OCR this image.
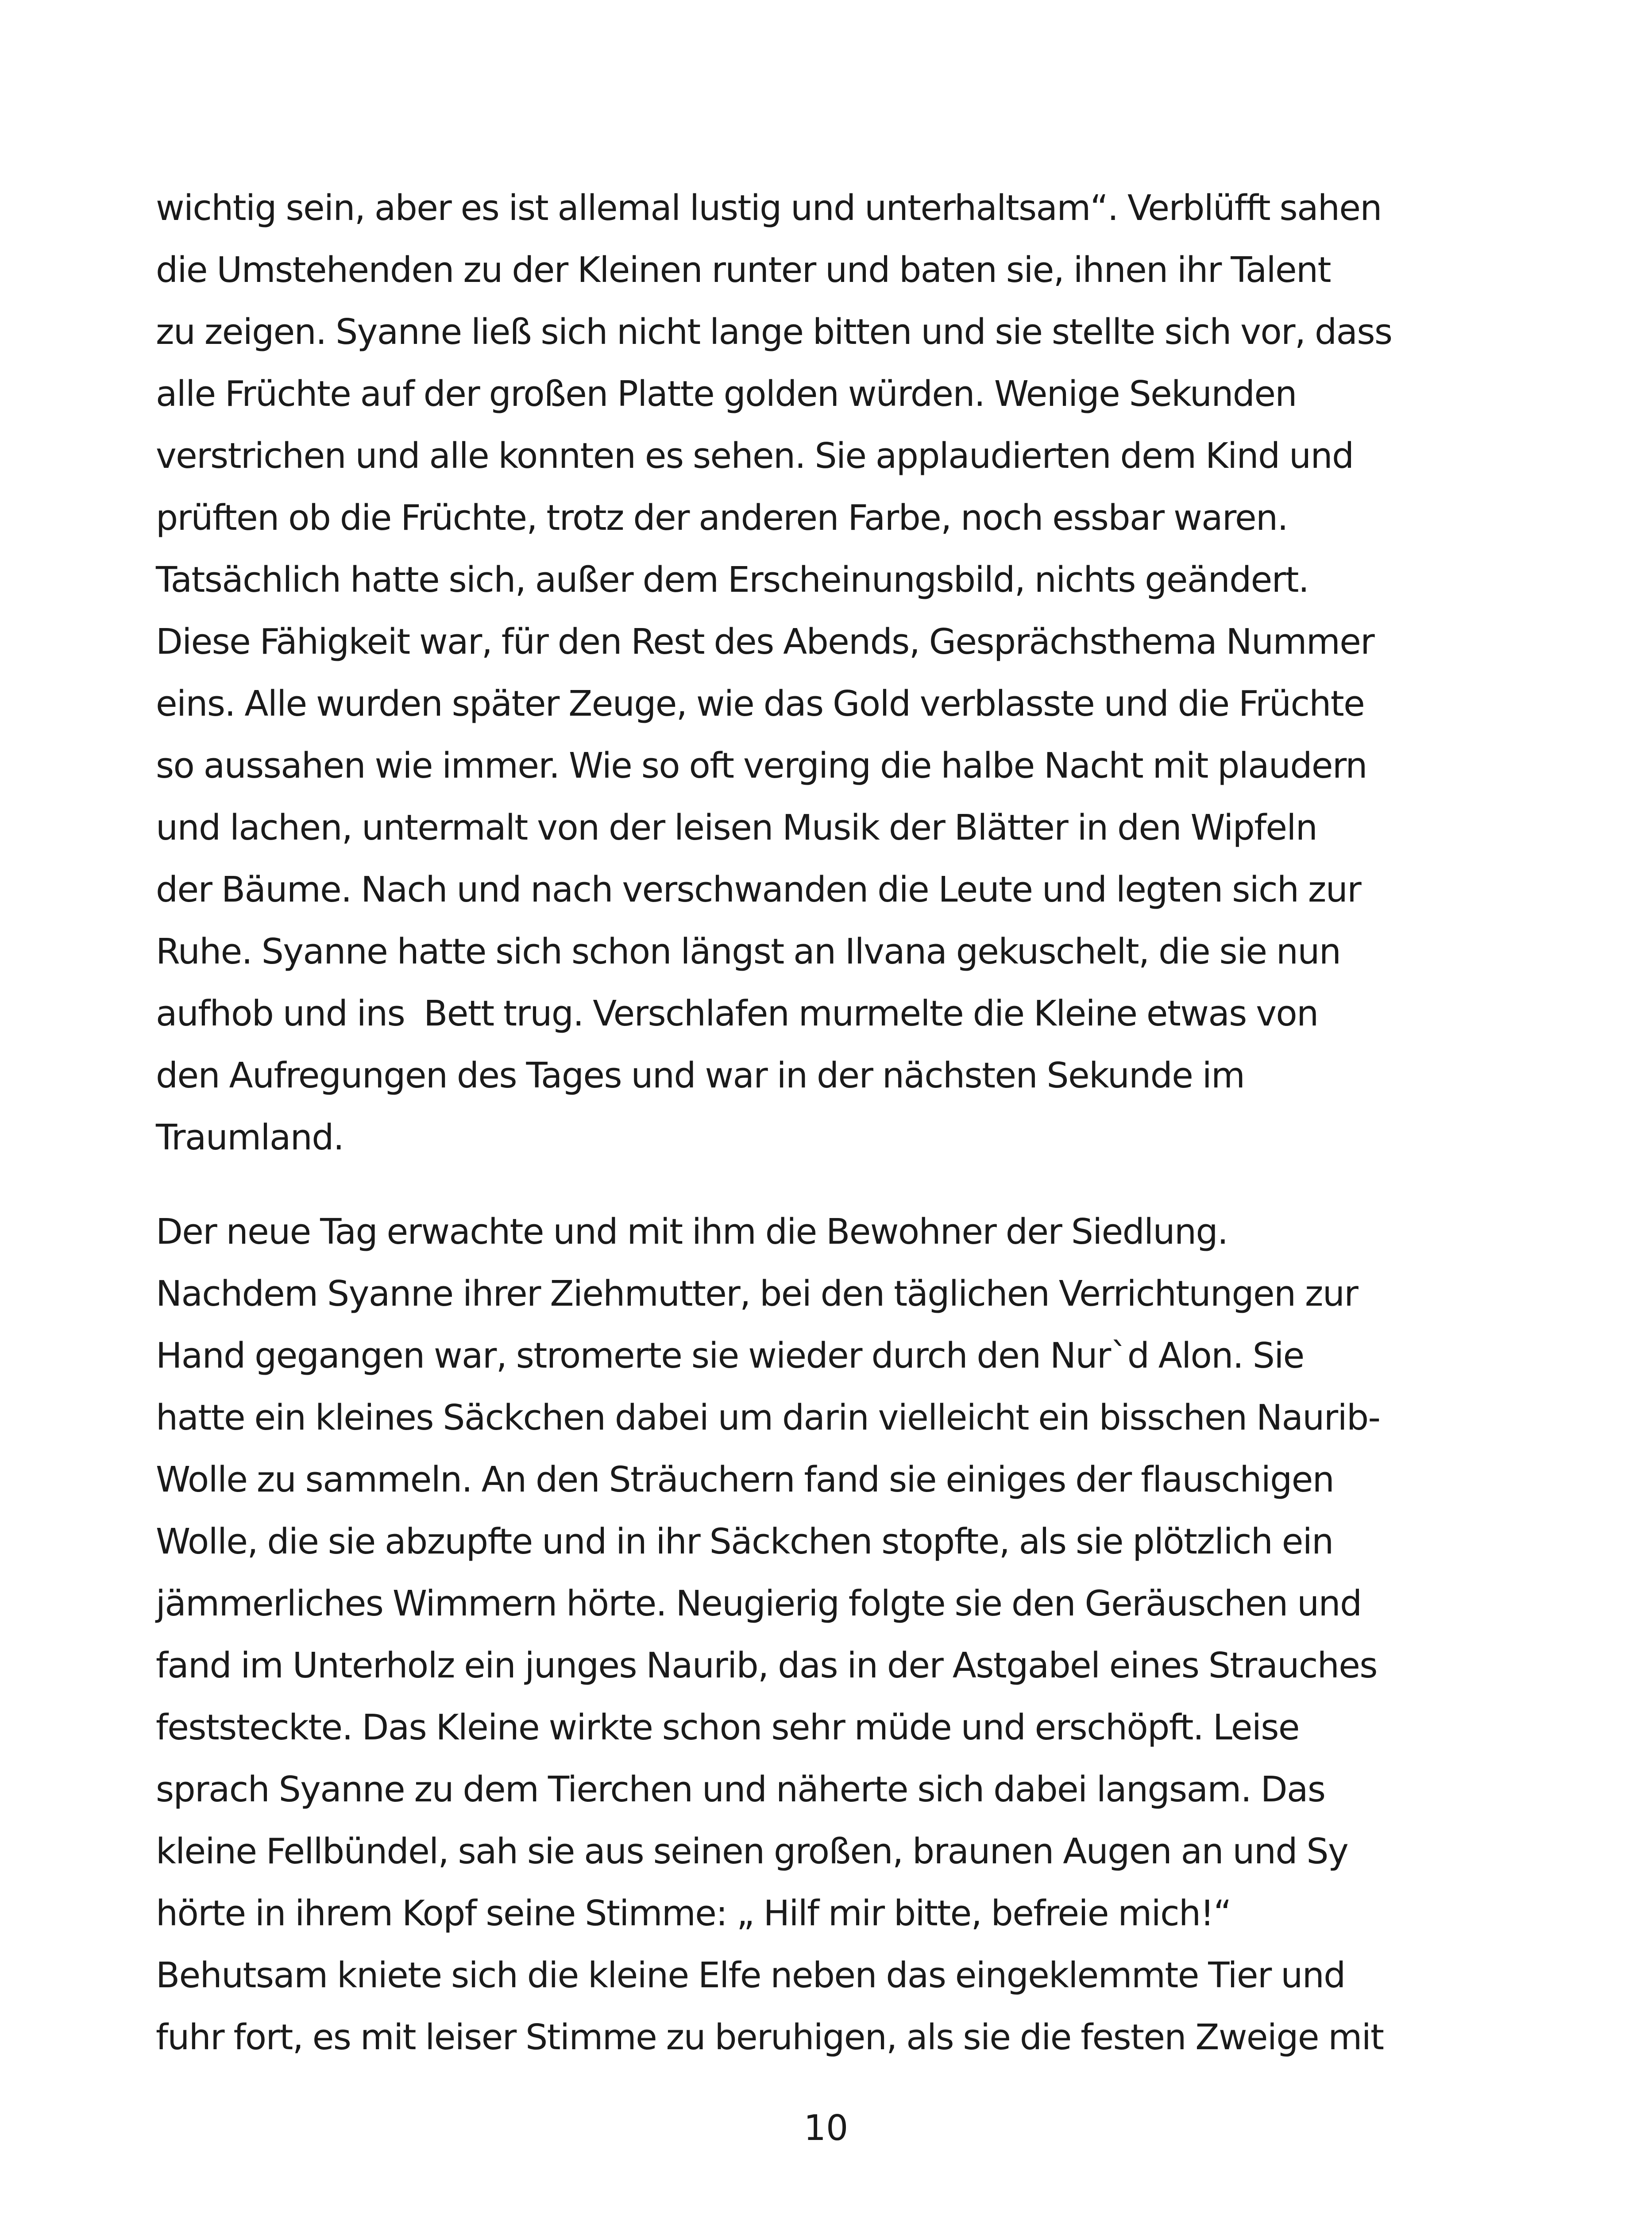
wichtig sein, aber es ist allemal lustig und unterhaltsam“. Verblüfft sahen
die Umstehenden zu der Kleinen runter und baten sie, ihnen ihr Talent
zu zeigen. Syanne ließ sich nicht lange bitten und sie stellte sich vor, dass
alle Früchte auf der großen Platte golden würden. Wenige Sekunden
verstrichen und alle konnten es sehen. Sie applaudierten dem Kind und
prüften ob die Früchte, trotz der anderen Farbe, noch essbar waren.
Tatsächlich hatte sich, außer dem Erscheinungsbild, nichts geändert.
Diese Fähigkeit war, für den Rest des Abends, Gesprächsthema Nummer
eins. Alle wurden später Zeuge, wie das Gold verblasste und die Früchte
so aussahen wie immer. Wie so oft verging die halbe Nacht mit plaudern
und lachen, untermalt von der leisen Musik der Blätter in den Wipfeln
der Bäume. Nach und nach verschwanden die Leute und legten sich zur
Ruhe. Syanne hatte sich schon längst an Ilvana gekuschelt, die sie nun
aufhob und ins  Bett trug. Verschlafen murmelte die Kleine etwas von
den Aufregungen des Tages und war in der nächsten Sekunde im
Traumland.

Der neue Tag erwachte und mit ihm die Bewohner der Siedlung.
Nachdem Syanne ihrer Ziehmutter, bei den täglichen Verrichtungen zur
Hand gegangen war, stromerte sie wieder durch den Nur`d Alon. Sie
hatte ein kleines Säckchen dabei um darin vielleicht ein bisschen Naurib-
Wolle zu sammeln. An den Sträuchern fand sie einiges der flauschigen
Wolle, die sie abzupfte und in ihr Säckchen stopfte, als sie plötzlich ein
jämmerliches Wimmern hörte. Neugierig folgte sie den Geräuschen und
fand im Unterholz ein junges Naurib, das in der Astgabel eines Strauches
feststeckte. Das Kleine wirkte schon sehr müde und erschöpft. Leise
sprach Syanne zu dem Tierchen und näherte sich dabei langsam. Das
kleine Fellbündel, sah sie aus seinen großen, braunen Augen an und Sy
hörte in ihrem Kopf seine Stimme: „ Hilf mir bitte, befreie mich!“
Behutsam kniete sich die kleine Elfe neben das eingeklemmte Tier und
fuhr fort, es mit leiser Stimme zu beruhigen, als sie die festen Zweige mit

10
